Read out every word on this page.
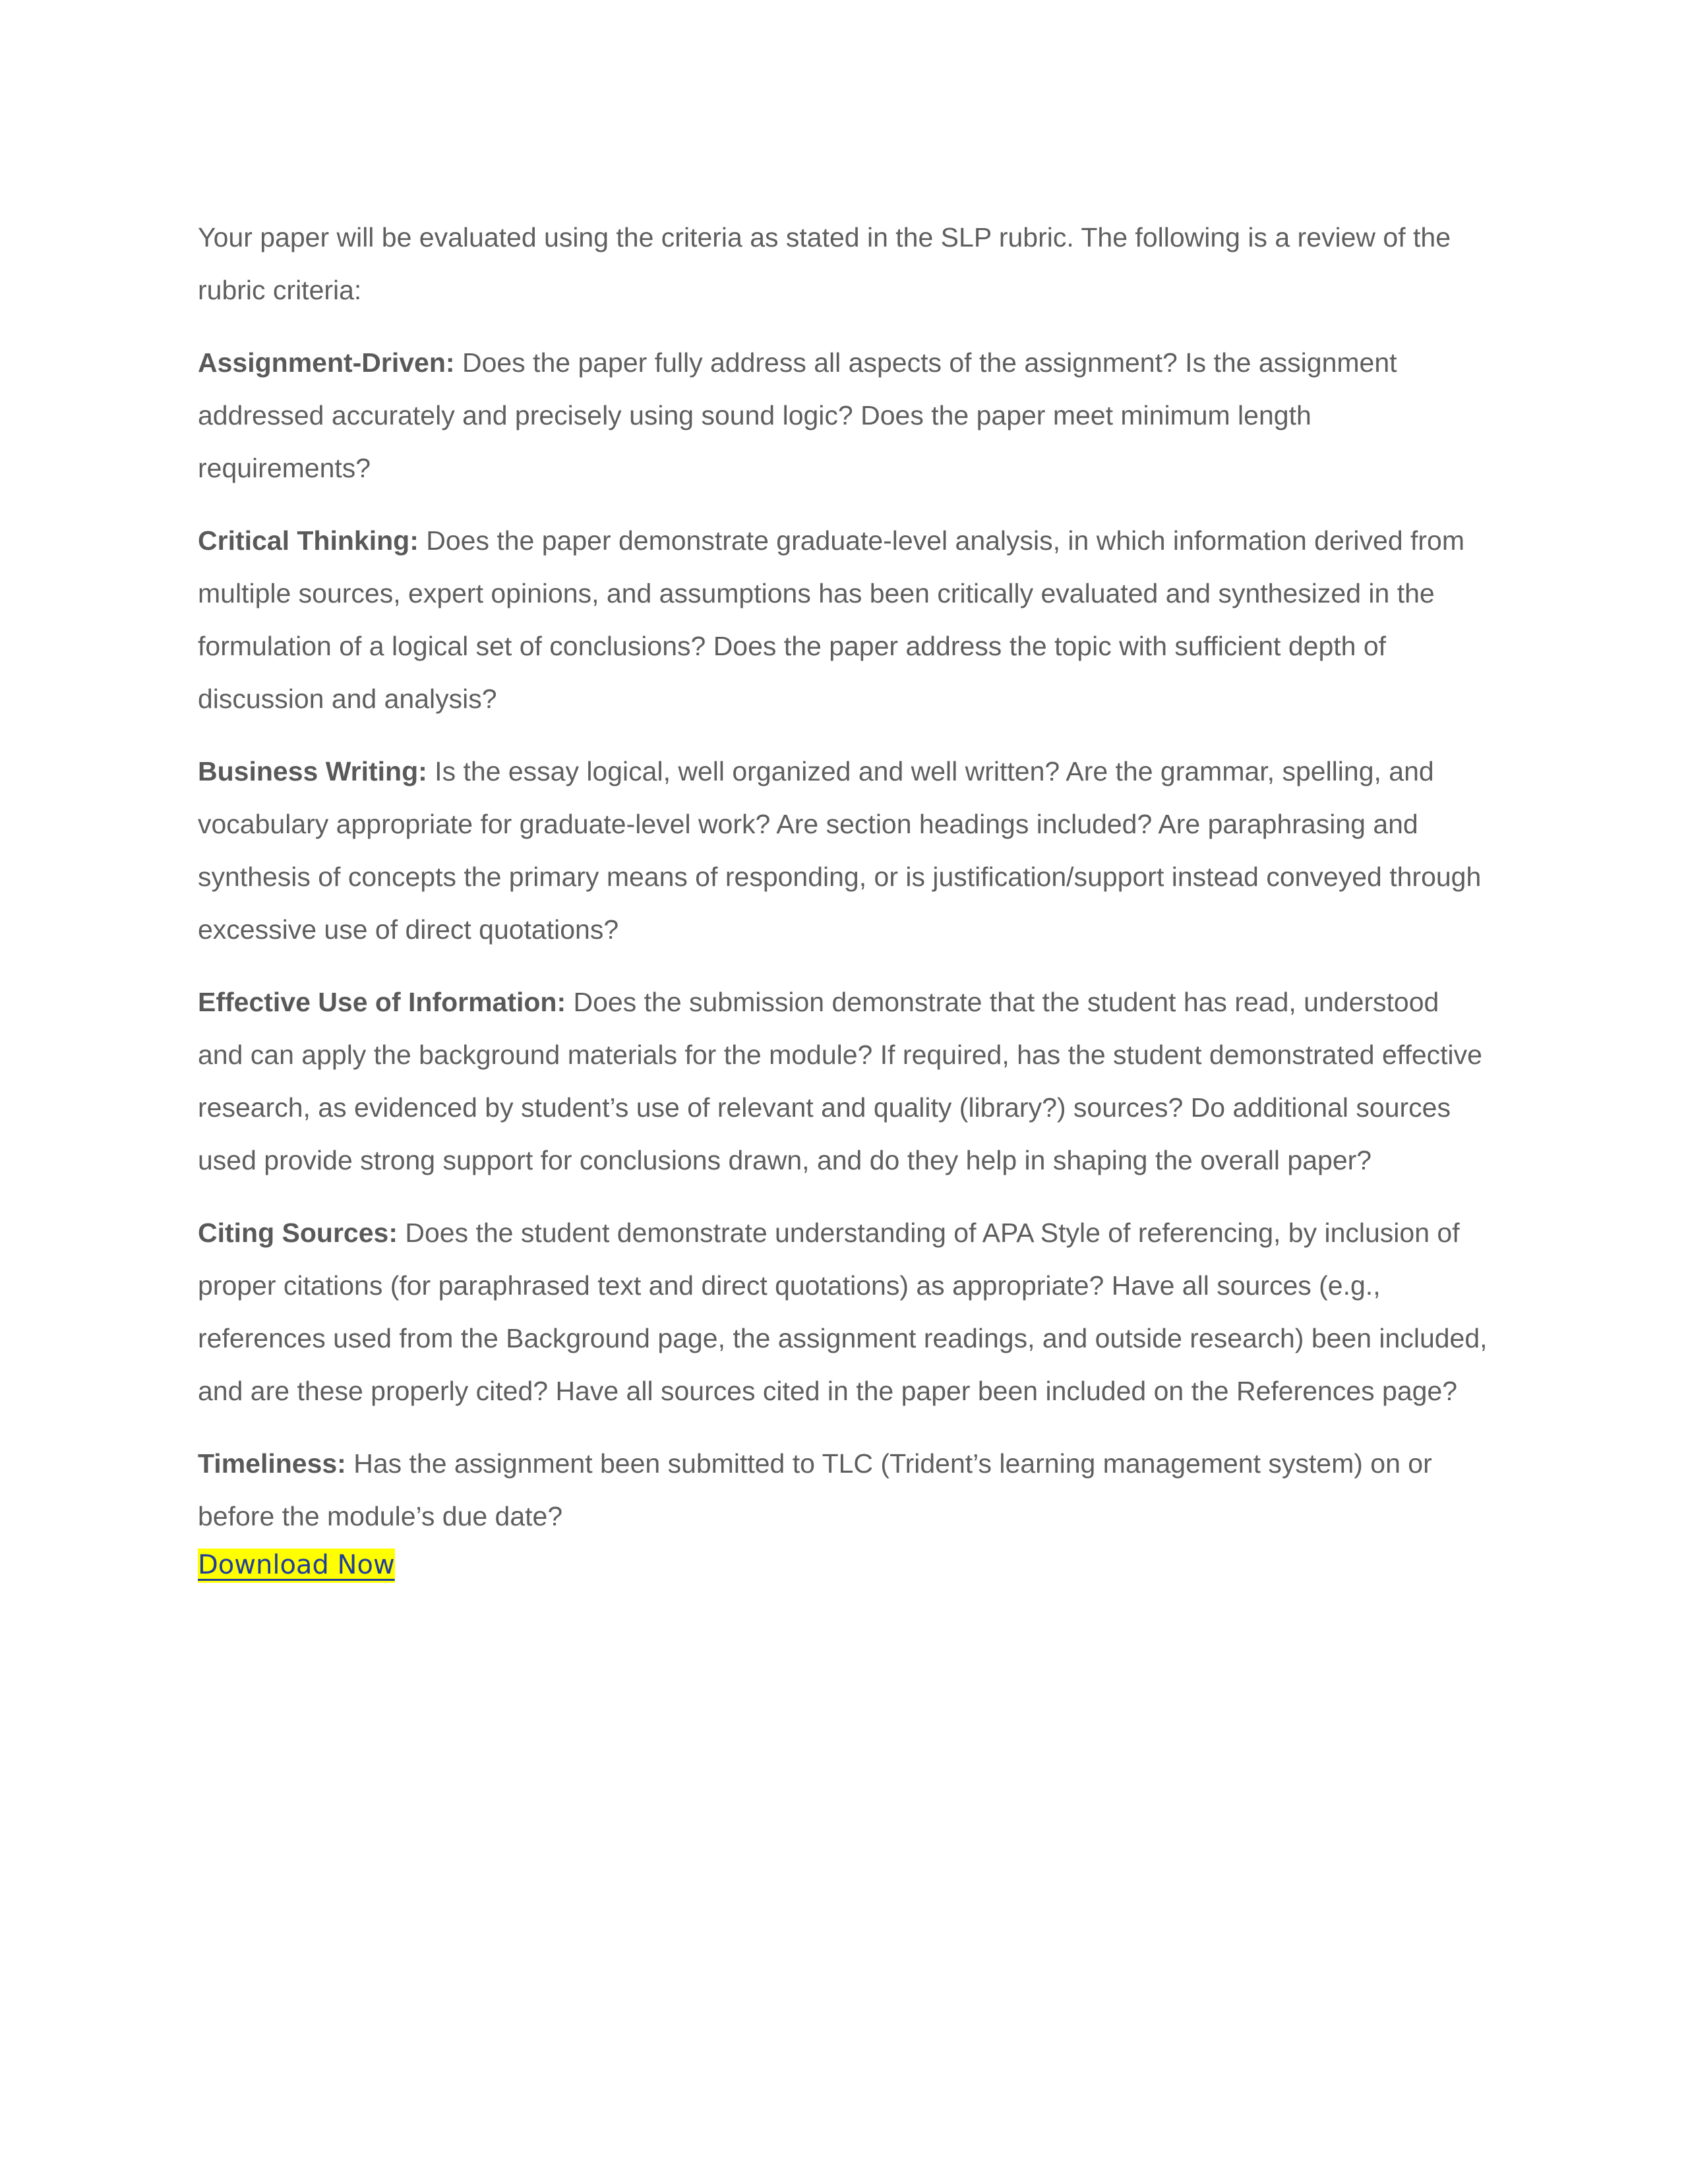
Your paper will be evaluated using the criteria as stated in the SLP rubric. The following is a review of the rubric criteria:

Assignment-Driven: Does the paper fully address all aspects of the assignment? Is the assignment addressed accurately and precisely using sound logic? Does the paper meet minimum length requirements?

Critical Thinking: Does the paper demonstrate graduate-level analysis, in which information derived from multiple sources, expert opinions, and assumptions has been critically evaluated and synthesized in the formulation of a logical set of conclusions? Does the paper address the topic with sufficient depth of discussion and analysis?

Business Writing: Is the essay logical, well organized and well written? Are the grammar, spelling, and vocabulary appropriate for graduate-level work? Are section headings included? Are paraphrasing and synthesis of concepts the primary means of responding, or is justification/support instead conveyed through excessive use of direct quotations?

Effective Use of Information: Does the submission demonstrate that the student has read, understood and can apply the background materials for the module? If required, has the student demonstrated effective research, as evidenced by student’s use of relevant and quality (library?) sources? Do additional sources used provide strong support for conclusions drawn, and do they help in shaping the overall paper?

Citing Sources: Does the student demonstrate understanding of APA Style of referencing, by inclusion of proper citations (for paraphrased text and direct quotations) as appropriate? Have all sources (e.g., references used from the Background page, the assignment readings, and outside research) been included, and are these properly cited? Have all sources cited in the paper been included on the References page?

Timeliness: Has the assignment been submitted to TLC (Trident’s learning management system) on or before the module’s due date?

Download Now
